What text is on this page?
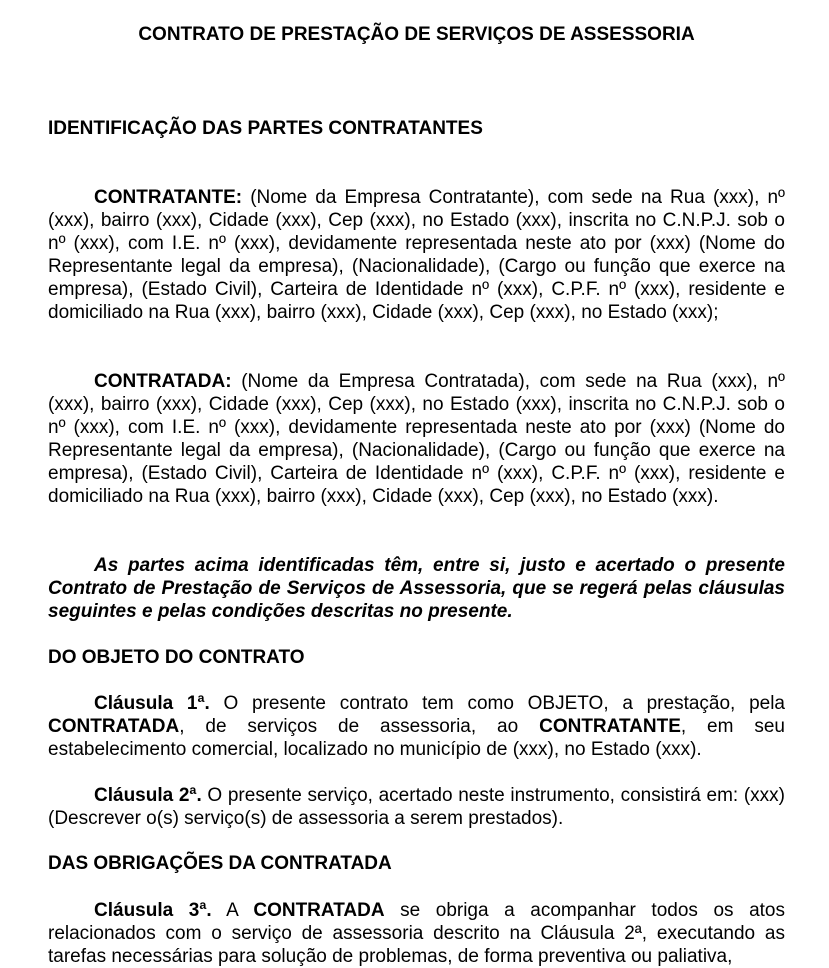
CONTRATO DE PRESTAÇÃO DE SERVIÇOS DE ASSESSORIA
IDENTIFICAÇÃO DAS PARTES CONTRATANTES
CONTRATANTE: (Nome da Empresa Contratante), com sede na Rua (xxx), nº (xxx), bairro (xxx), Cidade (xxx), Cep (xxx), no Estado (xxx), inscrita no C.N.P.J. sob o nº (xxx), com I.E. nº (xxx), devidamente representada neste ato por (xxx) (Nome do Representante legal da empresa), (Nacionalidade), (Cargo ou função que exerce na empresa), (Estado Civil), Carteira de Identidade nº (xxx), C.P.F. nº (xxx), residente e domiciliado na Rua (xxx), bairro (xxx), Cidade (xxx), Cep (xxx), no Estado (xxx);
CONTRATADA: (Nome da Empresa Contratada), com sede na Rua (xxx), nº (xxx), bairro (xxx), Cidade (xxx), Cep (xxx), no Estado (xxx), inscrita no C.N.P.J. sob o nº (xxx), com I.E. nº (xxx), devidamente representada neste ato por (xxx) (Nome do Representante legal da empresa), (Nacionalidade), (Cargo ou função que exerce na empresa), (Estado Civil), Carteira de Identidade nº (xxx), C.P.F. nº (xxx), residente e domiciliado na Rua (xxx), bairro (xxx), Cidade (xxx), Cep (xxx), no Estado (xxx).
As partes acima identificadas têm, entre si, justo e acertado o presente Contrato de Prestação de Serviços de Assessoria, que se regerá pelas cláusulas seguintes e pelas condições descritas no presente.
DO OBJETO DO CONTRATO
Cláusula 1ª. O presente contrato tem como OBJETO, a prestação, pela CONTRATADA, de serviços de assessoria, ao CONTRATANTE, em seu estabelecimento comercial, localizado no município de (xxx), no Estado (xxx).
Cláusula 2ª. O presente serviço, acertado neste instrumento, consistirá em: (xxx) (Descrever o(s) serviço(s) de assessoria a serem prestados).
DAS OBRIGAÇÕES DA CONTRATADA
Cláusula 3ª. A CONTRATADA se obriga a acompanhar todos os atos relacionados com o serviço de assessoria descrito na Cláusula 2ª, executando as tarefas necessárias para solução de problemas, de forma preventiva ou paliativa,
